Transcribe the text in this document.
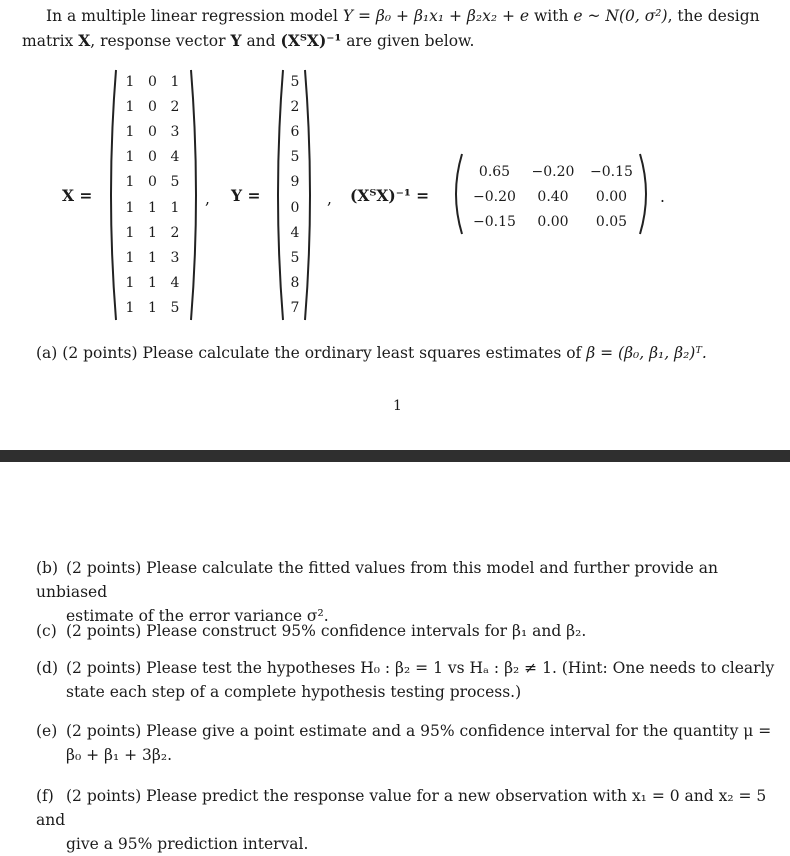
In a multiple linear regression model Y = β₀ + β₁x₁ + β₂x₂ + e with e ~ N(0, σ²), the design
matrix X, response vector Y and (XᵀX)⁻¹ are given below.
X =
1 0 1
1 0 2
1 0 3
1 0 4
1 0 5
1 1 1
1 1 2
1 1 3
1 1 4
1 1 5
, Y =
5
2
6
5
9
0
4
5
8
7
, (XᵀX)⁻¹ =
0.65	−0.20	−0.15
−0.20	0.40	0.00
−0.15	0.00	0.05
.
(a) (2 points) Please calculate the ordinary least squares estimates of β = (β₀, β₁, β₂)ᵀ.
1
(b) (2 points) Please calculate the fitted values from this model and further provide an unbiased
estimate of the error variance σ².
(c) (2 points) Please construct 95% confidence intervals for β₁ and β₂.
(d) (2 points) Please test the hypotheses H₀ : β₂ = 1 vs Hₐ : β₂ ≠ 1. (Hint: One needs to clearly
state each step of a complete hypothesis testing process.)
(e) (2 points) Please give a point estimate and a 95% confidence interval for the quantity μ =
β₀ + β₁ + 3β₂.
(f) (2 points) Please predict the response value for a new observation with x₁ = 0 and x₂ = 5 and
give a 95% prediction interval.
